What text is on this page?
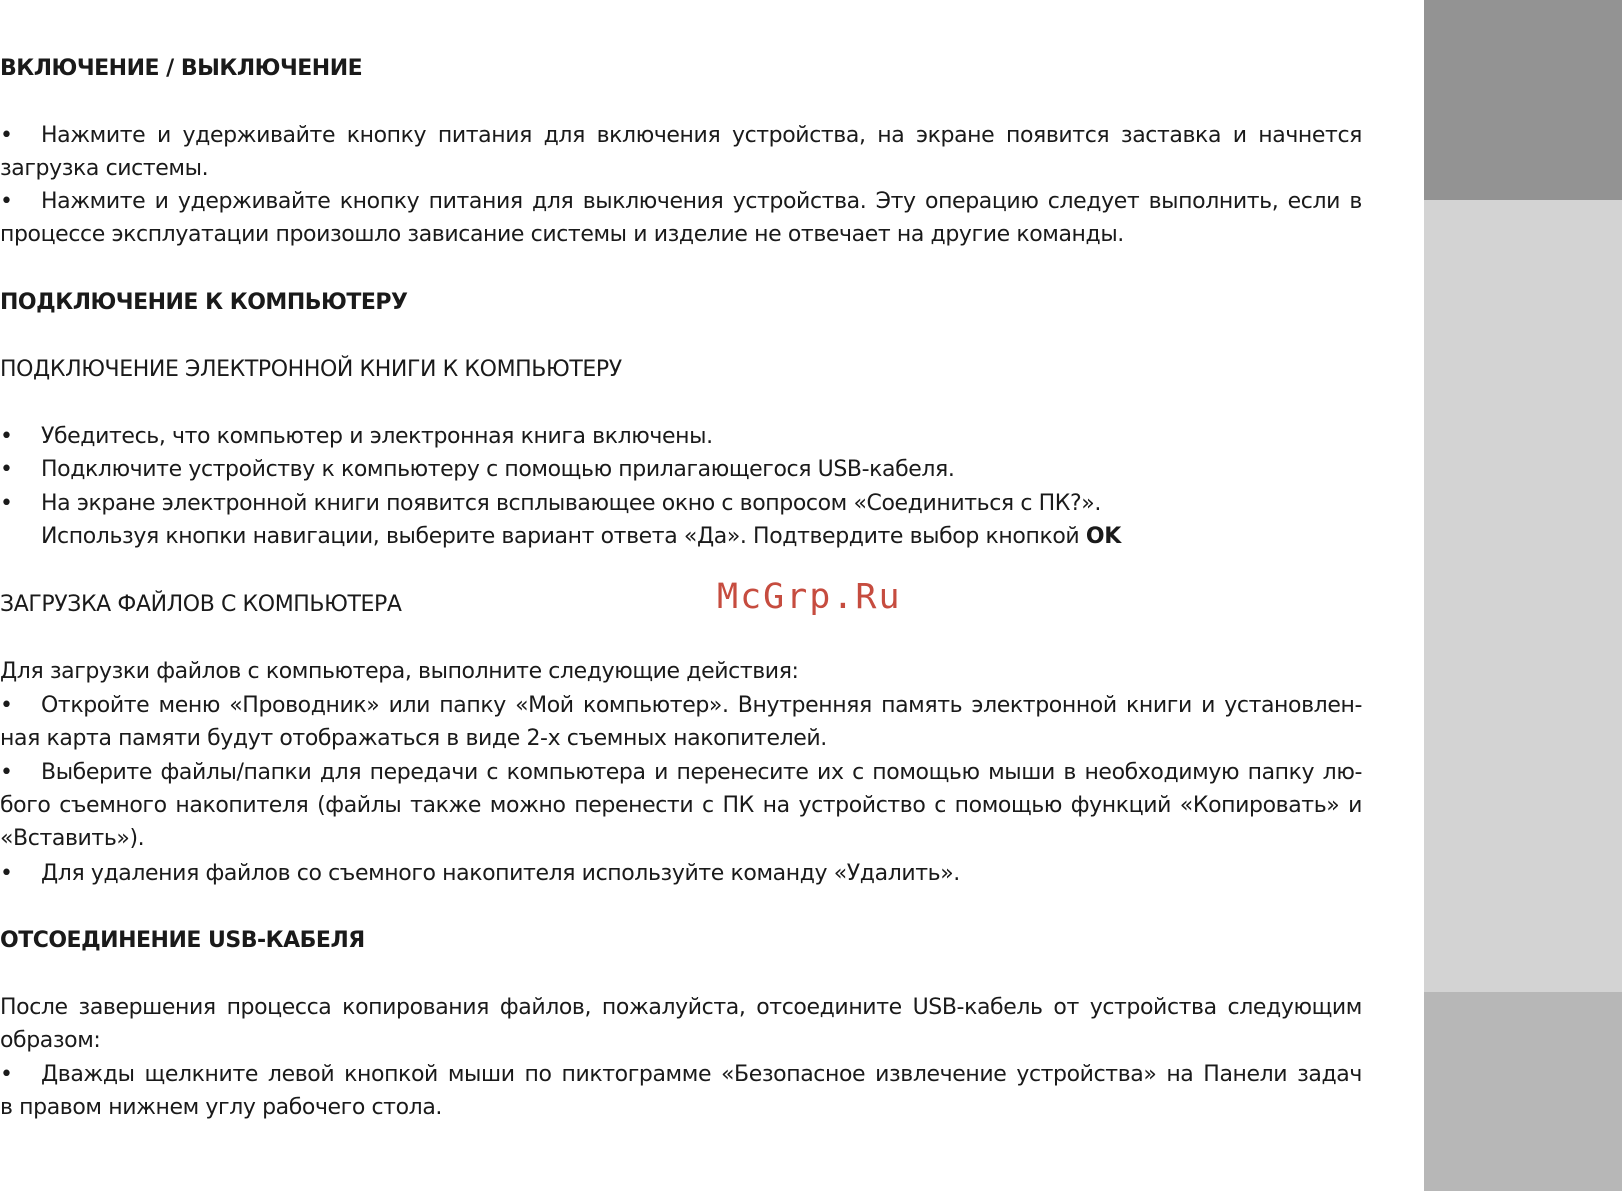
ВКЛЮЧЕНИЕ / ВЫКЛЮЧЕНИЕ
• Нажмите и удерживайте кнопку питания для включения устройства, на экране появится заставка и начнется
загрузка системы.
• Нажмите и удерживайте кнопку питания для выключения устройства. Эту операцию следует выполнить, если в
процессе эксплуатации произошло зависание системы и изделие не отвечает на другие команды.
ПОДКЛЮЧЕНИЕ К КОМПЬЮТЕРУ
ПОДКЛЮЧЕНИЕ ЭЛЕКТРОННОЙ КНИГИ К КОМПЬЮТЕРУ
• Убедитесь, что компьютер и электронная книга включены.
• Подключите устройству к компьютеру с помощью прилагающегося USB-кабеля.
• На экране электронной книги появится всплывающее окно с вопросом «Соединиться с ПК?».
Используя кнопки навигации, выберите вариант ответа «Да». Подтвердите выбор кнопкой OK
ЗАГРУЗКА ФАЙЛОВ С КОМПЬЮТЕРА
Для загрузки файлов с компьютера, выполните следующие действия:
• Откройте меню «Проводник» или папку «Мой компьютер». Внутренняя память электронной книги и установлен-
ная карта памяти будут отображаться в виде 2-х съемных накопителей.
• Выберите файлы/папки для передачи с компьютера и перенесите их с помощью мыши в необходимую папку лю-
бого съемного накопителя (файлы также можно перенести с ПК на устройство с помощью функций «Копировать» и
«Вставить»).
• Для удаления файлов со съемного накопителя используйте команду «Удалить».
ОТСОЕДИНЕНИЕ USB-КАБЕЛЯ
После завершения процесса копирования файлов, пожалуйста, отсоедините USB-кабель от устройства следующим
образом:
• Дважды щелкните левой кнопкой мыши по пиктограмме «Безопасное извлечение устройства» на Панели задач
в правом нижнем углу рабочего стола.
McGrp.Ru
